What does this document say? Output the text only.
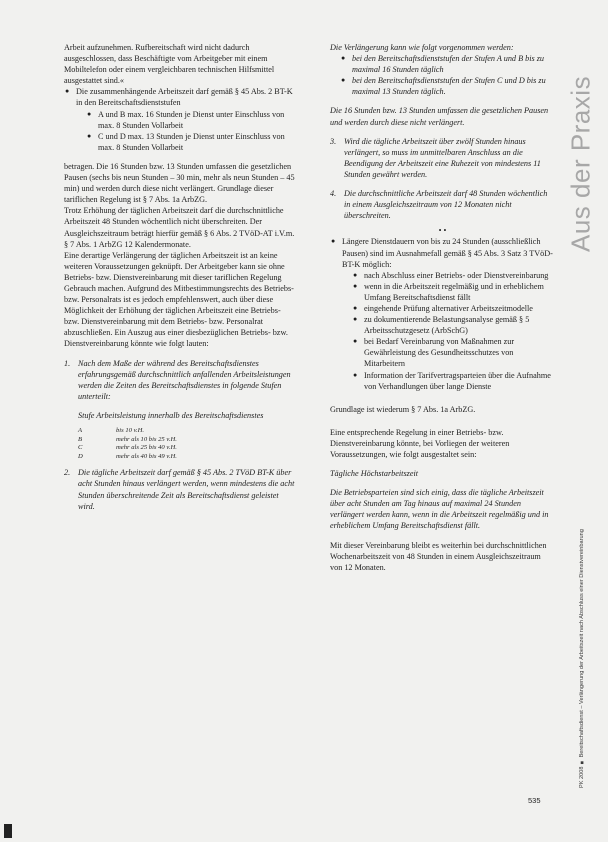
Arbeit aufzunehmen. Rufbereitschaft wird nicht dadurch ausgeschlossen, dass Beschäftigte vom Arbeitgeber mit einem Mobiltelefon oder einem vergleichbaren technischen Hilfsmittel ausgestattet sind.«

● Die zusammenhängende Arbeitszeit darf gemäß § 45 Abs. 2 BT-K in den Bereitschaftsdienststufen
● A und B max. 16 Stunden je Dienst unter Einschluss von max. 8 Stunden Vollarbeit
● C und D max. 13 Stunden je Dienst unter Einschluss von max. 8 Stunden Vollarbeit

betragen. Die 16 Stunden bzw. 13 Stunden umfassen die gesetzlichen Pausen (sechs bis neun Stunden – 30 min, mehr als neun Stunden – 45 min) und werden durch diese nicht verlängert. Grundlage dieser tariflichen Regelung ist § 7 Abs. 1a ArbZG.

Trotz Erhöhung der täglichen Arbeitszeit darf die durchschnittliche Arbeitszeit 48 Stunden wöchentlich nicht überschreiten. Der Ausgleichszeitraum beträgt hierfür gemäß § 6 Abs. 2 TVöD-AT i.V.m. § 7 Abs. 1 ArbZG 12 Kalendermonate.

Eine derartige Verlängerung der täglichen Arbeitszeit ist an keine weiteren Voraussetzungen geknüpft. Der Arbeitgeber kann sie ohne Betriebs- bzw. Dienstvereinbarung mit dieser tariflichen Regelung Gebrauch machen. Aufgrund des Mitbestimmungsrechts des Betriebs- bzw. Personalrats ist es jedoch empfehlenswert, auch über diese Möglichkeit der Erhöhung der täglichen Arbeitszeit eine Betriebs- bzw. Dienstvereinbarung mit dem Betriebs- bzw. Personalrat abzuschließen. Ein Auszug aus einer diesbezüglichen Betriebs- bzw. Dienstvereinbarung könnte wie folgt lauten:

1. Nach dem Maße der während des Bereitschaftsdienstes erfahrungsgemäß durchschnittlich anfallenden Arbeitsleistungen werden die Zeiten des Bereitschaftsdienstes in folgende Stufen unterteilt:

Stufe Arbeitsleistung innerhalb des Bereitschaftsdienstes

A	bis 10 v.H.
B	mehr als 10 bis 25 v.H.
C	mehr als 25 bis 40 v.H.
D	mehr als 40 bis 49 v.H.
2. Die tägliche Arbeitszeit darf gemäß § 45 Abs. 2 TVöD BT-K über acht Stunden hinaus verlängert werden, wenn mindestens die acht Stunden überschreitende Zeit als Bereitschaftsdienst geleistet wird.

Die Verlängerung kann wie folgt vorgenommen werden:

● bei den Bereitschaftsdienststufen der Stufen A und B bis zu maximal 16 Stunden täglich
● bei den Bereitschaftsdienststufen der Stufen C und D bis zu maximal 13 Stunden täglich.

Die 16 Stunden bzw. 13 Stunden umfassen die gesetzlichen Pausen und werden durch diese nicht verlängert.

3. Wird die tägliche Arbeitszeit über zwölf Stunden hinaus verlängert, so muss im unmittelbaren Anschluss an die Beendigung der Arbeitszeit eine Ruhezeit von mindestens 11 Stunden gewährt werden.
4. Die durchschnittliche Arbeitszeit darf 48 Stunden wöchentlich in einem Ausgleichszeitraum von 12 Monaten nicht überschreiten.

• •

● Längere Dienstdauern von bis zu 24 Stunden (ausschließlich Pausen) sind im Ausnahmefall gemäß § 45 Abs. 3 Satz 3 TVöD-BT-K möglich:
● nach Abschluss einer Betriebs- oder Dienstvereinbarung
● wenn in die Arbeitszeit regelmäßig und in erheblichem Umfang Bereitschaftsdienst fällt
● eingehende Prüfung alternativer Arbeitszeitmodelle
● zu dokumentierende Belastungsanalyse gemäß § 5 Arbeitsschutzgesetz (ArbSchG)
● bei Bedarf Vereinbarung von Maßnahmen zur Gewährleistung des Gesundheitsschutzes von Mitarbeitern
● Information der Tarifvertragsparteien über die Aufnahme von Verhandlungen über lange Dienste

Grundlage ist wiederum § 7 Abs. 1a ArbZG.

Eine entsprechende Regelung in einer Betriebs- bzw. Dienstvereinbarung könnte, bei Vorliegen der weiteren Voraussetzungen, wie folgt ausgestaltet sein:

Tägliche Höchstarbeitszeit

Die Betriebsparteien sind sich einig, dass die tägliche Arbeitszeit über acht Stunden am Tag hinaus auf maximal 24 Stunden verlängert werden kann, wenn in die Arbeitszeit regelmäßig und in erheblichem Umfang Bereitschaftsdienst fällt.

Mit dieser Vereinbarung bleibt es weiterhin bei durchschnittlichen Wochenarbeitszeit von 48 Stunden in einem Ausgleichszeitraum von 12 Monaten.

Aus der Praxis
PK 2008 ■ Bereitschaftsdienst – Verlängerung der Arbeitszeit nach Abschluss einer Dienstvereinbarung
535
